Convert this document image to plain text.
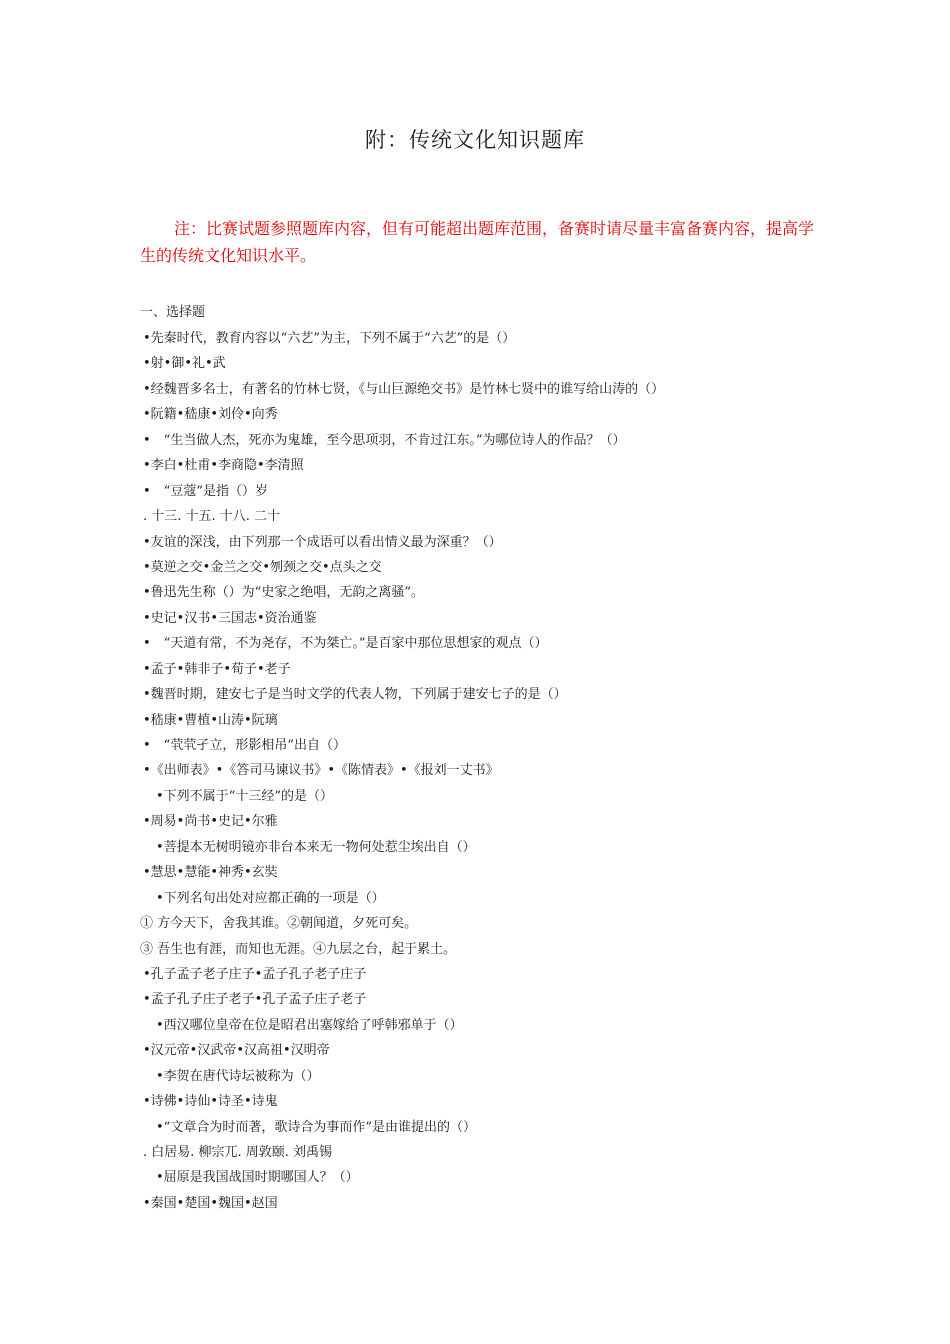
附：传统文化知识题库

注：比赛试题参照题库内容，但有可能超出题库范围，备赛时请尽量丰富备赛内容，提高学生的传统文化知识水平。

一、选择题
•先秦时代，教育内容以“六艺”为主，下列不属于“六艺”的是（）
•射•御•礼•武
•经魏晋多名士，有著名的竹林七贤，《与山巨源绝交书》是竹林七贤中的谁写给山涛的（）
•阮籍•嵇康•刘伶•向秀
•　“生当做人杰，死亦为鬼雄，至今思项羽，不肯过江东。”为哪位诗人的作品？（）
•李白•杜甫•李商隐•李清照
•　“豆蔻”是指（）岁
. 十三. 十五. 十八. 二十
•友谊的深浅，由下列那一个成语可以看出情义最为深重？（）
•莫逆之交•金兰之交•刎颈之交•点头之交
•鲁迅先生称（）为“史家之绝唱，无韵之离骚”。
•史记•汉书•三国志•资治通鉴
•　“天道有常，不为尧存，不为桀亡。”是百家中那位思想家的观点（）
•孟子•韩非子•荀子•老子
•魏晋时期，建安七子是当时文学的代表人物，下列属于建安七子的是（）
•嵇康•曹植•山涛•阮璃
•　“茕茕孑立，形影相吊”出自（）
•《出师表》•《答司马谏议书》•《陈情表》•《报刘一丈书》
•下列不属于“十三经”的是（）
•周易•尚书•史记•尔雅
•菩提本无树明镜亦非台本来无一物何处惹尘埃出自（）
•慧思•慧能•神秀•玄奘
•下列名句出处对应都正确的一项是（）
① 方今天下，舍我其谁。②朝闻道，夕死可矣。
③ 吾生也有涯，而知也无涯。④九层之台，起于累土。
•孔子孟子老子庄子•孟子孔子老子庄子
•孟子孔子庄子老子•孔子孟子庄子老子
•西汉哪位皇帝在位是昭君出塞嫁给了呼韩邪单于（）
•汉元帝•汉武帝•汉高祖•汉明帝
•李贺在唐代诗坛被称为（）
•诗佛•诗仙•诗圣•诗鬼
•“文章合为时而著，歌诗合为事而作”是由谁提出的（）
. 白居易. 柳宗兀. 周敦颐. 刘禹锡
•屈原是我国战国时期哪国人？（）
•秦国•楚国•魏国•赵国
